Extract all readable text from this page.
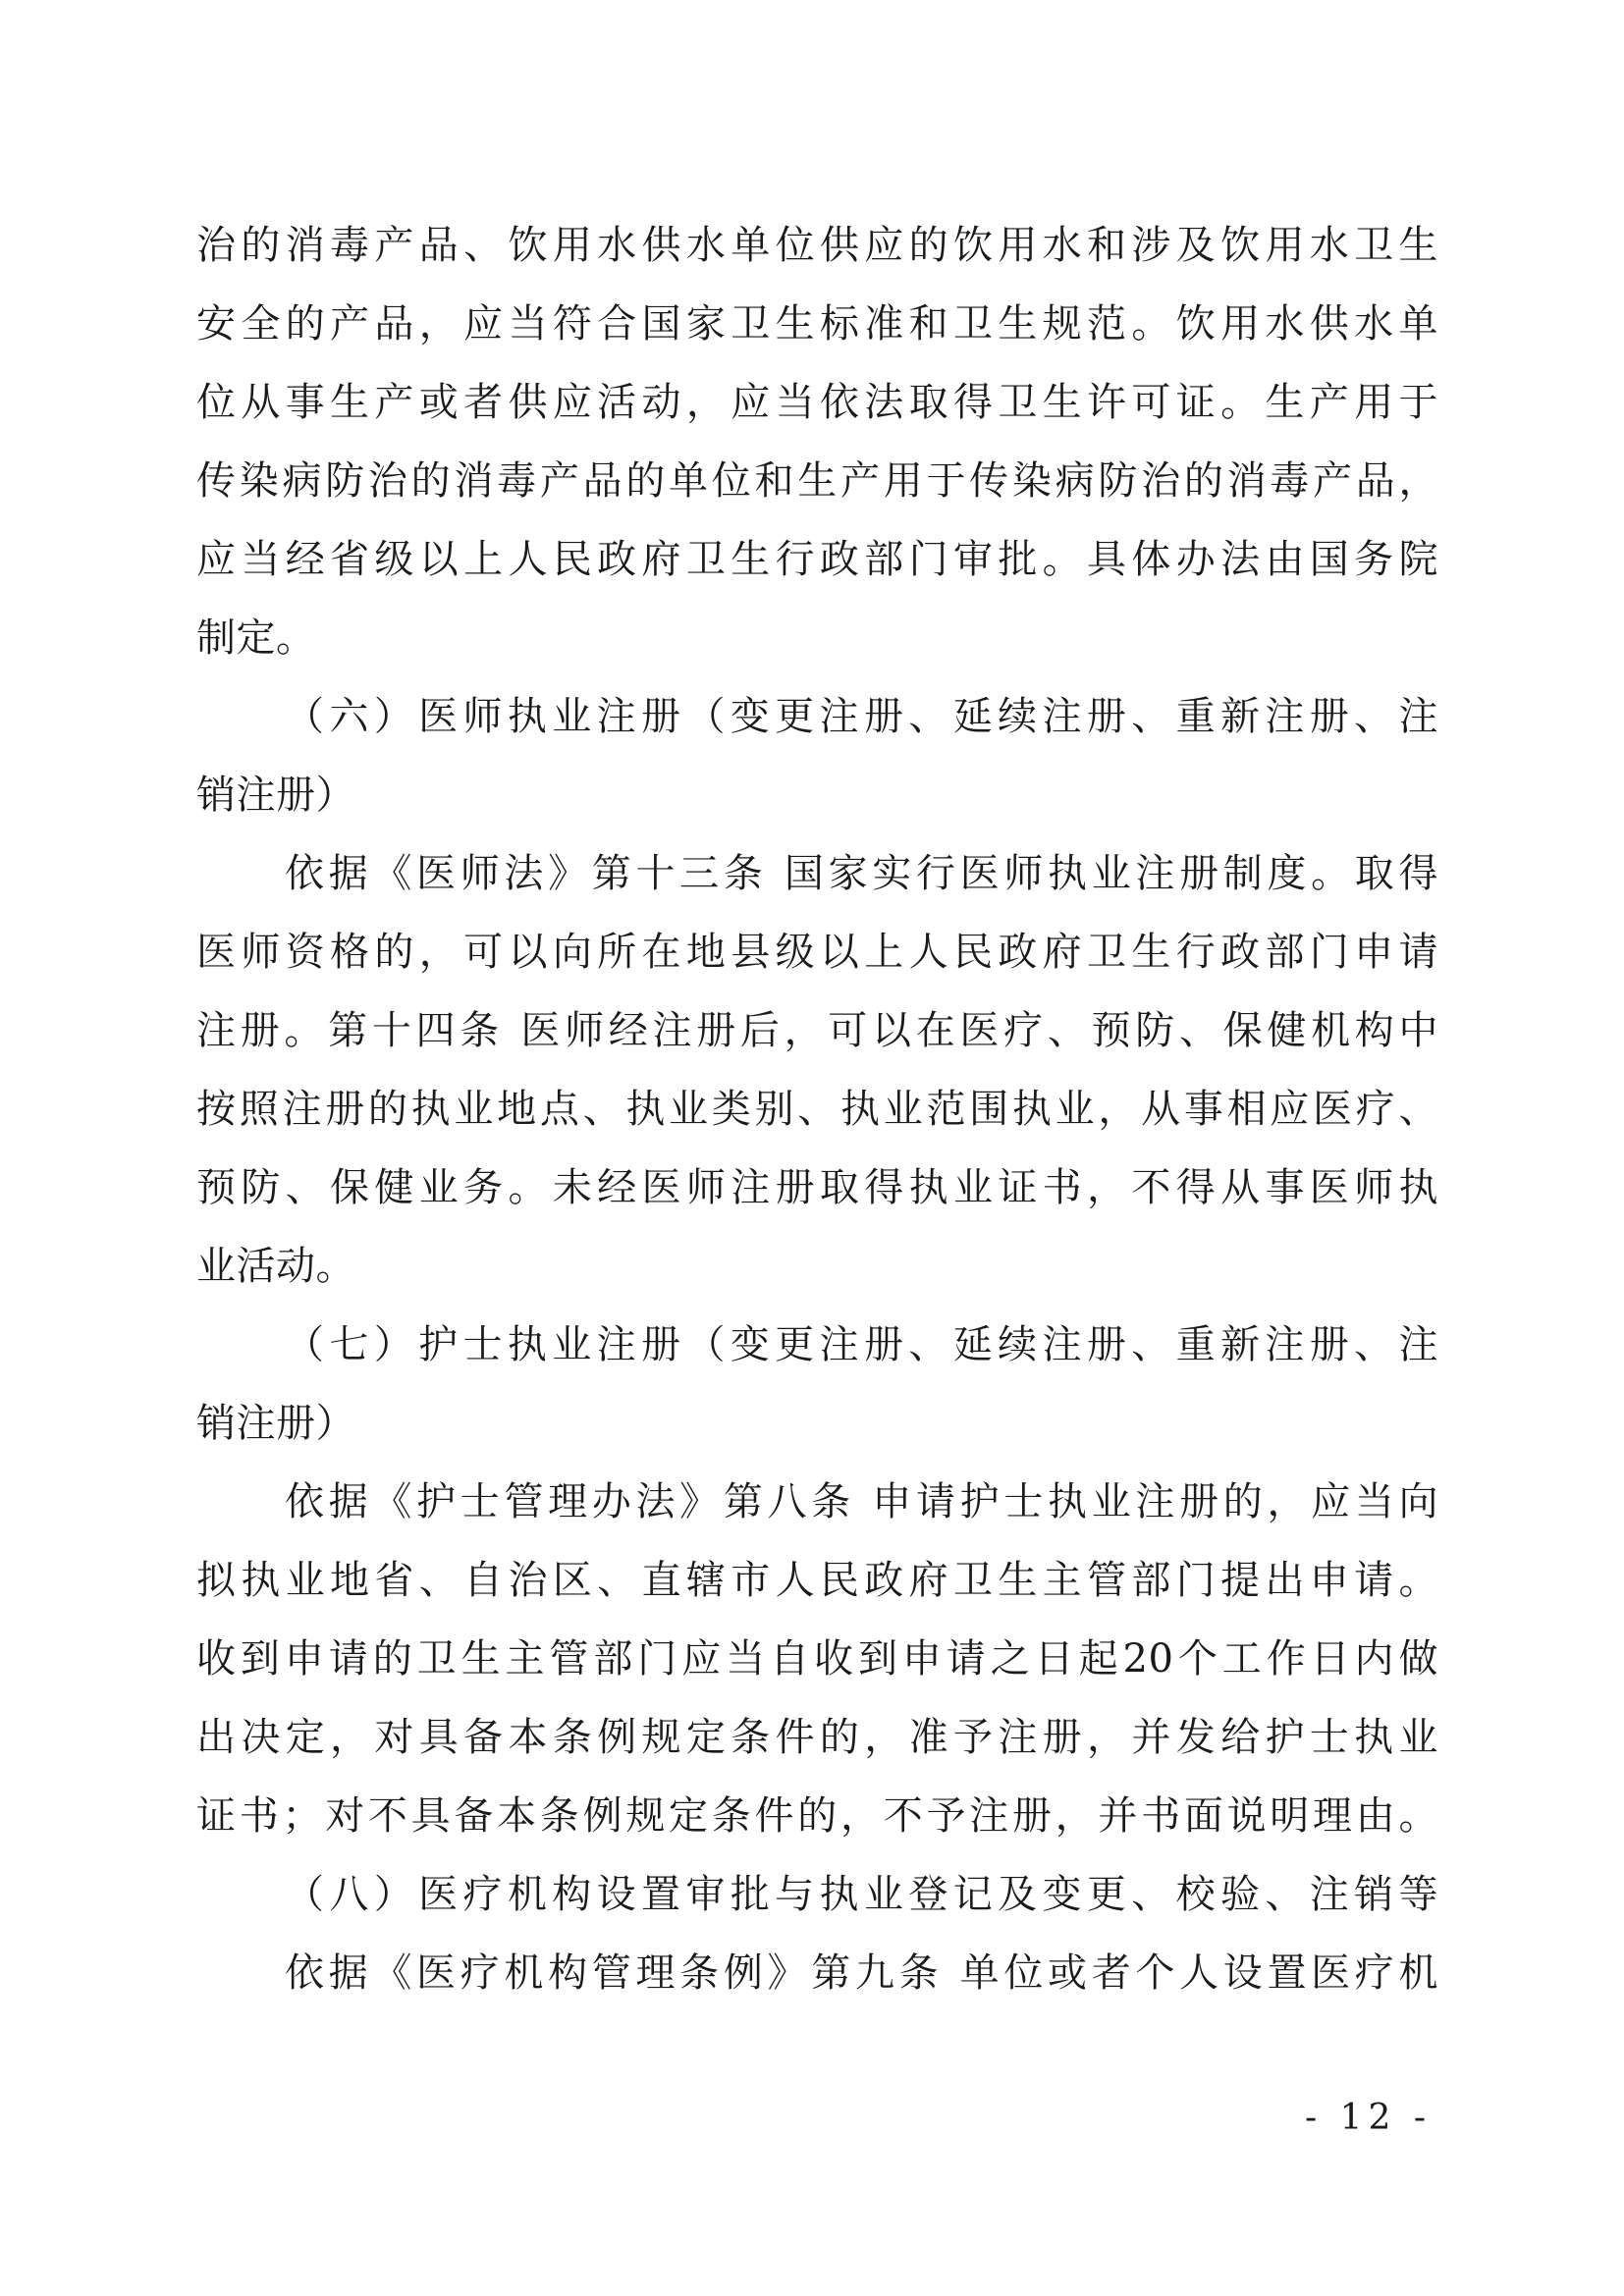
治的消毒产品、饮用水供水单位供应的饮用水和涉及饮用水卫生
安全的产品，应当符合国家卫生标准和卫生规范。饮用水供水单
位从事生产或者供应活动，应当依法取得卫生许可证。生产用于
传染病防治的消毒产品的单位和生产用于传染病防治的消毒产品，
应当经省级以上人民政府卫生行政部门审批。具体办法由国务院
制定。
（六）医师执业注册（变更注册、延续注册、重新注册、注
销注册）
依据《医师法》第十三条 国家实行医师执业注册制度。取得
医师资格的，可以向所在地县级以上人民政府卫生行政部门申请
注册。第十四条 医师经注册后，可以在医疗、预防、保健机构中
按照注册的执业地点、执业类别、执业范围执业，从事相应医疗、
预防、保健业务。未经医师注册取得执业证书，不得从事医师执
业活动。
（七）护士执业注册（变更注册、延续注册、重新注册、注
销注册）
依据《护士管理办法》第八条 申请护士执业注册的，应当向
拟执业地省、自治区、直辖市人民政府卫生主管部门提出申请。
收到申请的卫生主管部门应当自收到申请之日起20个工作日内做
出决定，对具备本条例规定条件的，准予注册，并发给护士执业
证书；对不具备本条例规定条件的，不予注册，并书面说明理由。
（八）医疗机构设置审批与执业登记及变更、校验、注销等
依据《医疗机构管理条例》第九条 单位或者个人设置医疗机
- 12 -
